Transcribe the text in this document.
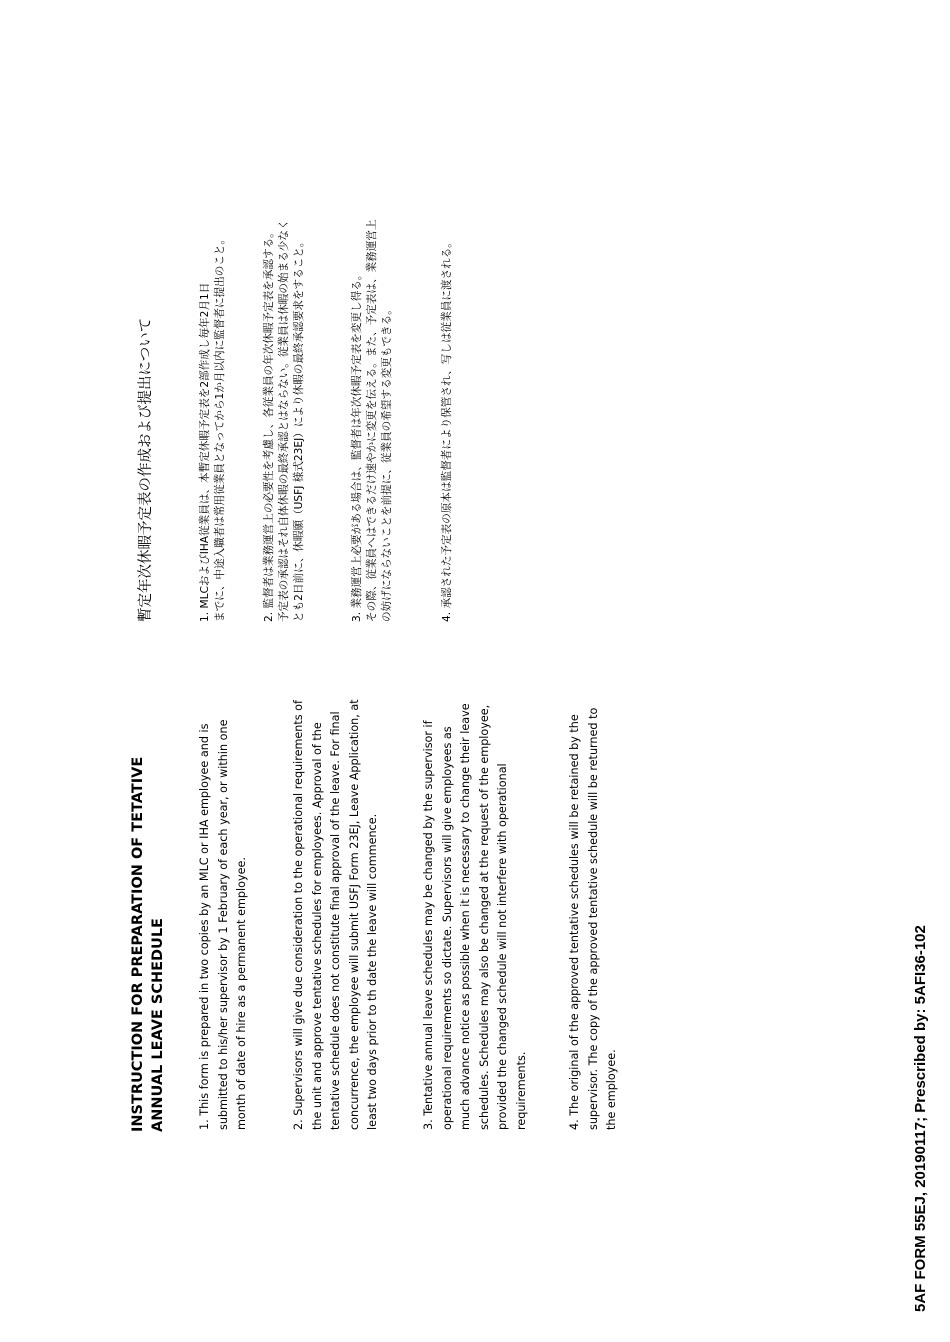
INSTRUCTION FOR PREPARATION OF TETATIVE ANNUAL LEAVE SCHEDULE	1. This form is prepared in two copies by an MLC or IHA employee and is submitted to his/her supervisor by 1 February of each year, or within one month of date of hire as a permanent employee.	2. Supervisors will give due consideration to the operational requirements of the unit and approve tentative schedules for employees. Approval of the tentative schedule does not constitute final approval of the leave. For final concurrence, the employee will submit USFJ Form 23EJ, Leave Application, at least two days prior to th date the leave will commence.	3. Tentative annual leave schedules may be changed by the supervisor if operational requirements so dictate. Supervisors will give employees as much advance notice as possible when it is necessary to change their leave schedules. Schedules may also be changed at the request of the employee, provided the changed schedule will not interfere with operational requirements.	4. The original of the approved tentative schedules will be retained by the supervisor. The copy of the approved tentative schedule will be returned to the employee.
暫定年次休暇予定表の作成および提出について	1. MLCおよびIHA従業員は、本暫定休暇予定表を2部作成し毎年2月1日 までに、中途入職者は常用従業員となってから1か月以内に監督者に提出のこと。	2. 監督者は業務運営上の必要性を考慮し、各従業員の年次休暇予定表を承認する。 予定表の承認はそれ自体休暇の最終承認とはならない。従業員は休暇の始まる少なく とも2日前に、休暇願（USFJ 様式23EJ）により休暇の最終承認要求をすること。	3. 業務運営上必要がある場合は、監督者は年次休暇予定表を変更し得る。 その際、従業員へはできるだけ速やかに変更を伝える。また、予定表は、業務運営上 の妨げにならないことを前提に、従業員の希望する変更もできる。	4. 承認された予定表の原本は監督者により保管され、写しは従業員に渡される。
5AF FORM 55EJ, 20190117; Prescribed by: 5AFI36-102
